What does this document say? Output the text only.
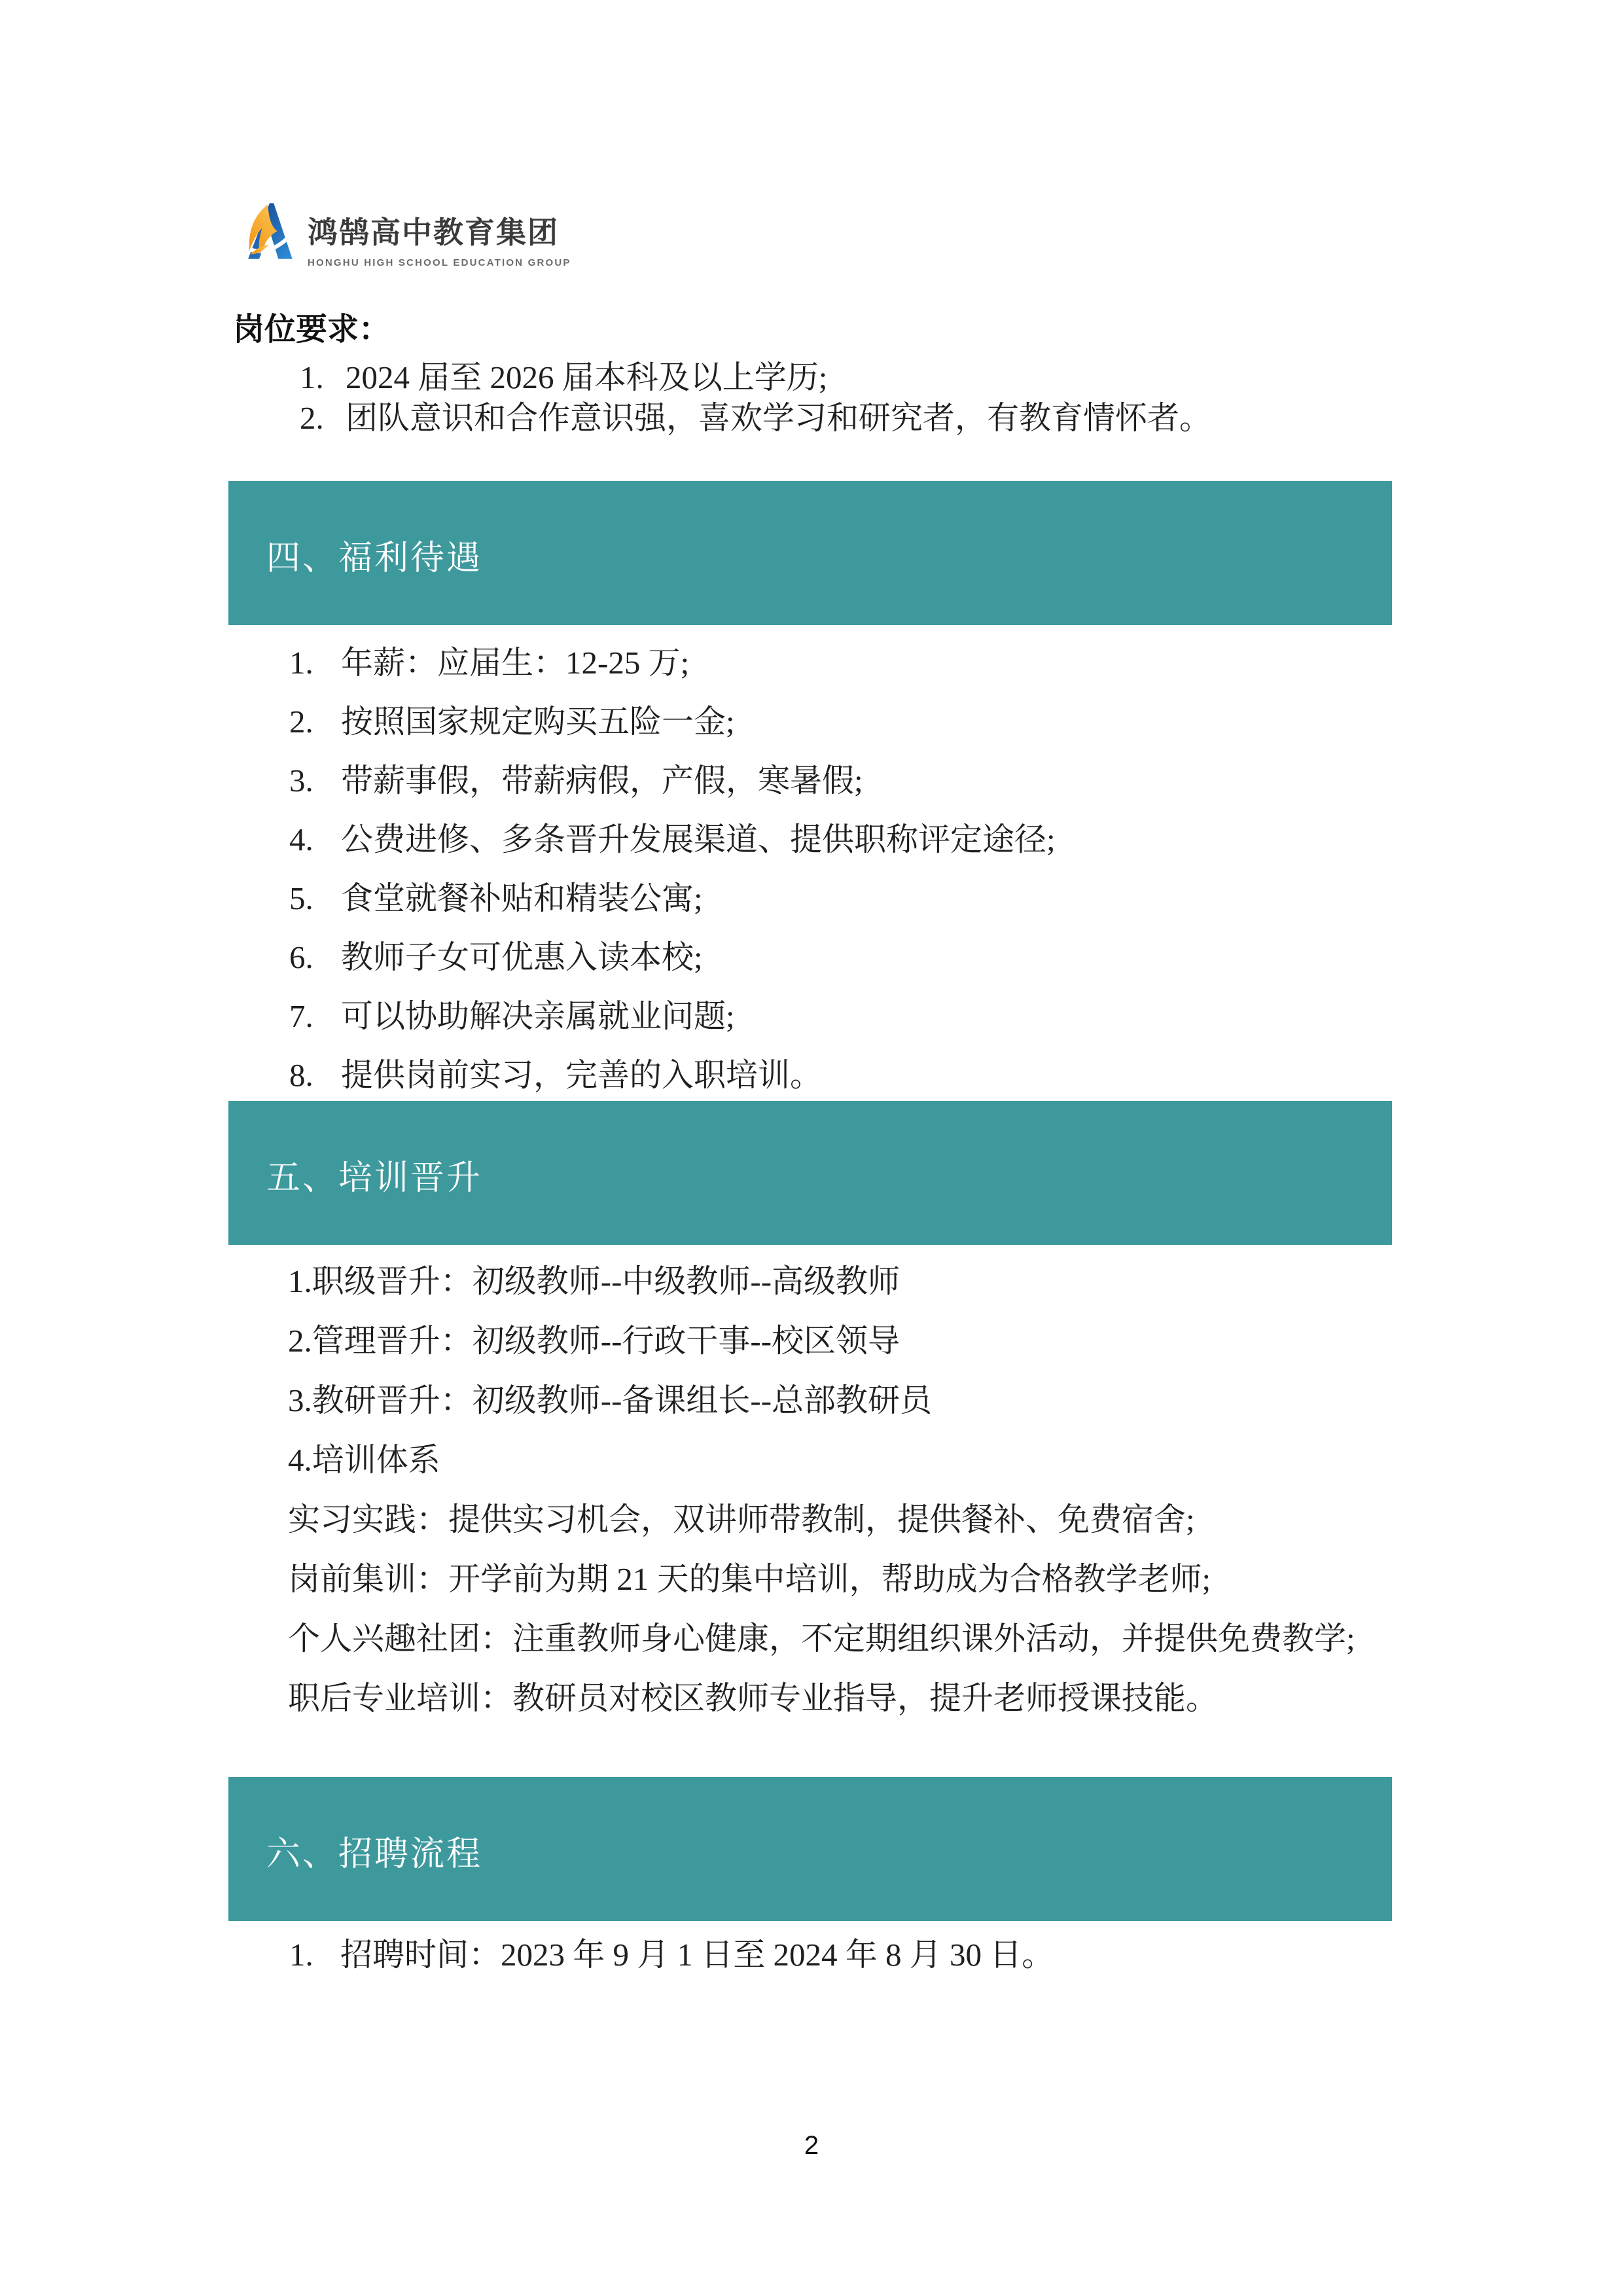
鸿鹄高中教育集团
HONGHU HIGH SCHOOL EDUCATION GROUP
岗位要求：
1. 2024 届至 2026 届本科及以上学历;
2. 团队意识和合作意识强，喜欢学习和研究者，有教育情怀者。
四、福利待遇
1. 年薪：应届生：12-25 万;
2. 按照国家规定购买五险一金;
3. 带薪事假，带薪病假，产假，寒暑假;
4. 公费进修、多条晋升发展渠道、提供职称评定途径;
5. 食堂就餐补贴和精装公寓;
6. 教师子女可优惠入读本校;
7. 可以协助解决亲属就业问题;
8. 提供岗前实习，完善的入职培训。
五、培训晋升
1.职级晋升：初级教师--中级教师--高级教师
2.管理晋升：初级教师--行政干事--校区领导
3.教研晋升：初级教师--备课组长--总部教研员
4.培训体系
实习实践：提供实习机会，双讲师带教制，提供餐补、免费宿舍;
岗前集训：开学前为期 21 天的集中培训，帮助成为合格教学老师;
个人兴趣社团：注重教师身心健康，不定期组织课外活动，并提供免费教学;
职后专业培训：教研员对校区教师专业指导，提升老师授课技能。
六、招聘流程
1. 招聘时间：2023 年 9 月 1 日至 2024 年 8 月 30 日。
2
